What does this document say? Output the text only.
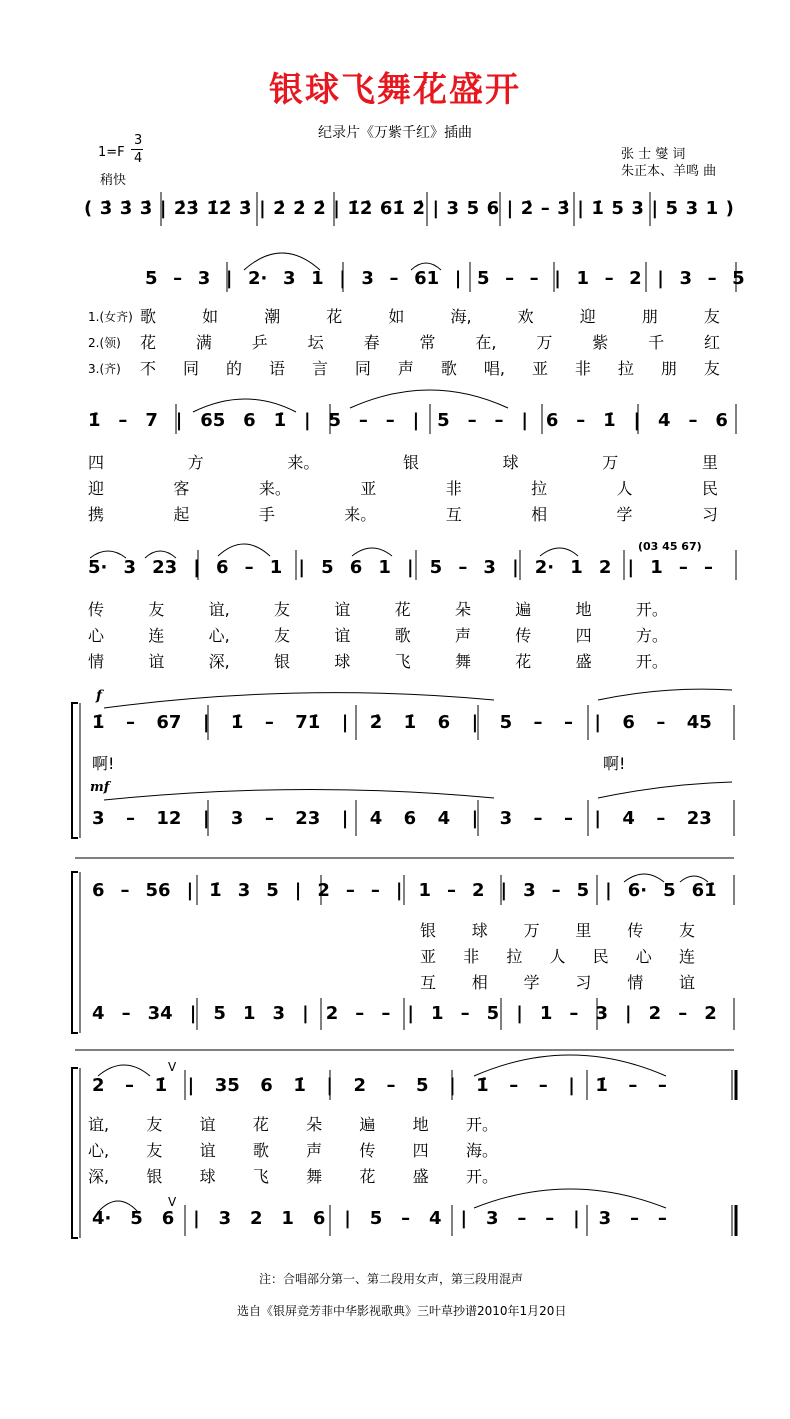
银球飞舞花盛开
纪录片《万紫千红》插曲
1=F
3
4
稍快
张 士 燮 词
朱正本、羊鸣 曲
( 3̇ 3̇ 3̇ | 2̇3̇ 1̇2̇ 3̇ | 2̇ 2̇ 2̇ | 1̇2̇ 61̇ 2̇ | 3 5 6 | 2̇ – 3̇ | 1̇ 5 3 | 5 3 1 )
5 – 3 | 2· 3 1 | 3 – 61 | 5 – – | 1 – 2 | 3 – 5
1.(女齐) 歌	如	潮	花	如	海,	欢	迎	朋	友
2.(领) 花 满 乒 坛 春 常 在, 万 紫 千 红
3.(齐) 不 同 的 语 言 同 声 歌 唱, 亚 非 拉 朋 友
1̇ – 7 | 65 6 1̇ | 5 – – | 5 – – | 6 – 1̇ | 4 – 6
四	方	来。	银	球	万	里
迎	客	来。	亚	非	拉	人	民
携	起	手	来。	互	相	学	习
(03 45 67)
5· 3 23 | 6 – 1 | 5 6 1 | 5 – 3 | 2· 1 2 | 1 – –
传	友	谊,	友	谊	花	朵	遍	地	开。
心	连	心,	友	谊	歌	声	传	四	方。
情	谊	深,	银	球	飞	舞	花	盛	开。
f
1̇ – 67 | 1̇ – 71̇ | 2̇ 1̇ 6 | 5 – – | 6 – 45
啊!	啊!
mf
3 – 12 | 3 – 23 | 4 6 4 | 3 – – | 4 – 23
6 – 56 | 1̇ 3 5 | 2 – – | 1 – 2 | 3 – 5 | 6· 5 61̇
银 球 万 里 传 友
亚 非 拉 人 民 心 连
互 相 学 习 情 谊
4 – 34 | 5 1 3 | 2 – – | 1 – 5 | 1 – 3 | 2 – 2
2 – 1̇ | 35 6 1̇ | 2 – 5 | 1̇ – – | 1̇ – –
V
谊, 友 谊 花 朵 遍 地 开。
心, 友 谊 歌 声 传 四 海。
深, 银 球 飞 舞 花 盛 开。
V
4· 5 6 | 3 2 1 6 | 5 – 4 | 3 – – | 3 – –
注：合唱部分第一、第二段用女声，第三段用混声
选自《银屏竞芳菲中华影视歌典》三叶草抄谱2010年1月20日
